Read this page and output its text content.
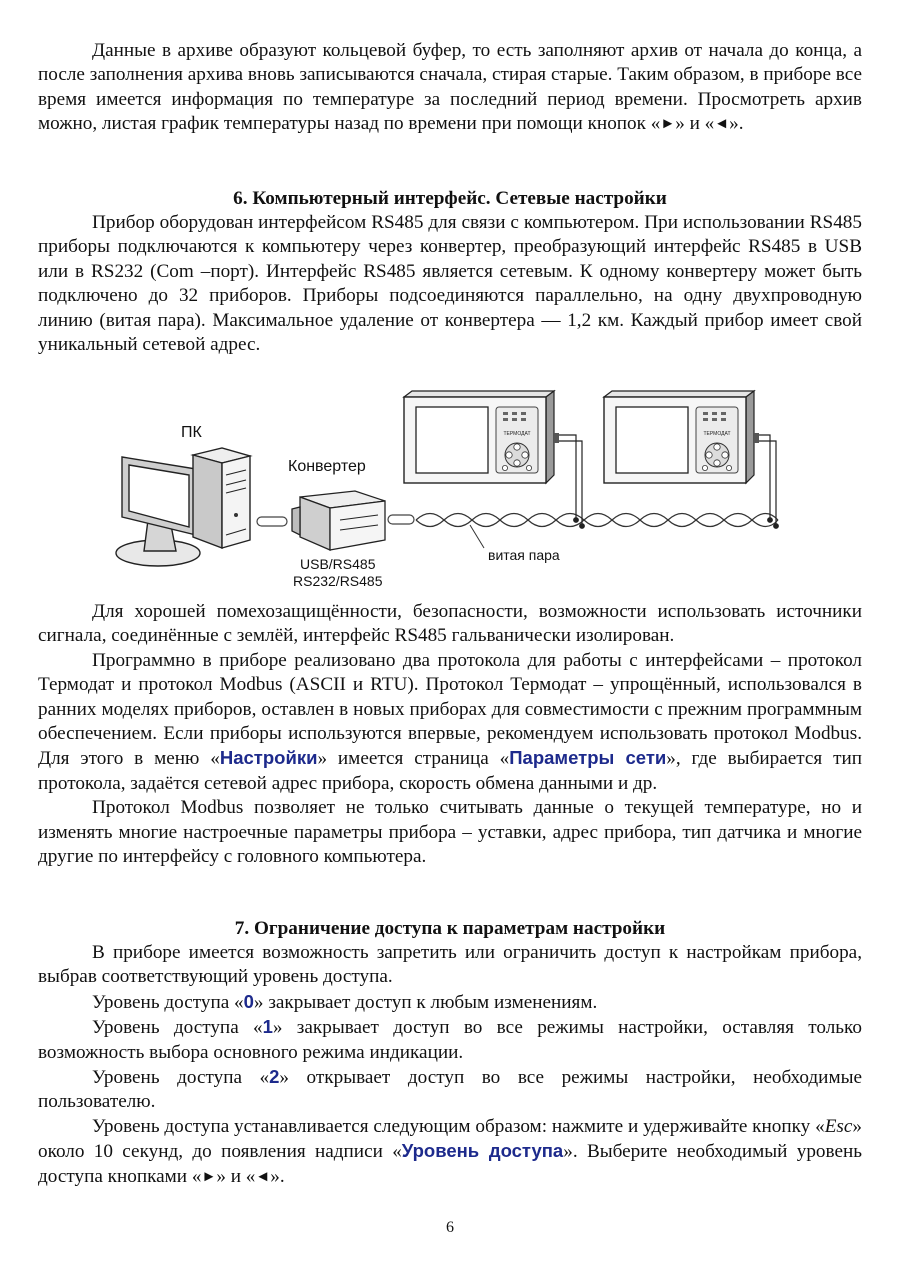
Данные в архиве образуют кольцевой буфер, то есть заполняют архив от начала до конца, а после заполнения архива вновь записываются сначала, стирая старые. Таким образом, в приборе все время имеется информация по температуре за последний период времени. Просмотреть архив можно, листая график температуры назад по времени при помощи кнопок «►» и «◄».

6. Компьютерный интерфейс. Сетевые настройки

Прибор оборудован интерфейсом RS485 для связи с компьютером. При использовании RS485 приборы подключаются к компьютеру через конвертер, преобразующий интерфейс RS485 в USB или в RS232 (Com –порт). Интерфейс RS485 является сетевым. К одному конвертеру может быть подключено до 32 приборов. Приборы подсоединяются параллельно, на одну двухпроводную линию (витая пара). Максимальное удаление от конвертера — 1,2 км. Каждый прибор имеет свой уникальный сетевой адрес.

ПК
Конвертер
USB/RS485
RS232/RS485
витая пара
ТЕРМОДАТ	ТЕРМОДАТ

Для хорошей помехозащищённости, безопасности, возможности использовать источники сигнала, соединённые с землёй, интерфейс RS485 гальванически изолирован.

Программно в приборе реализовано два протокола для работы с интерфейсами – протокол Термодат и протокол Modbus (ASCII и RTU). Протокол Термодат – упрощённый, использовался в ранних моделях приборов, оставлен в новых приборах для совместимости с прежним программным обеспечением. Если приборы используются впервые, рекомендуем использовать протокол Modbus. Для этого в меню «Настройки» имеется страница «Параметры сети», где выбирается тип протокола, задаётся сетевой адрес прибора, скорость обмена данными и др.

Протокол Modbus позволяет не только считывать данные о текущей температуре, но и изменять многие настроечные параметры прибора – уставки, адрес прибора, тип датчика и многие другие по интерфейсу с головного компьютера.

7. Ограничение доступа к параметрам настройки

В приборе имеется возможность запретить или ограничить доступ к настройкам прибора, выбрав соответствующий уровень доступа.

Уровень доступа «0» закрывает доступ к любым изменениям.

Уровень доступа «1» закрывает доступ во все режимы настройки, оставляя только возможность выбора основного режима индикации.

Уровень доступа «2» открывает доступ во все режимы настройки, необходимые пользователю.

Уровень доступа устанавливается следующим образом: нажмите и удерживайте кнопку «Esc» около 10 секунд, до появления надписи «Уровень доступа». Выберите необходимый уровень доступа кнопками «►» и «◄».

6
